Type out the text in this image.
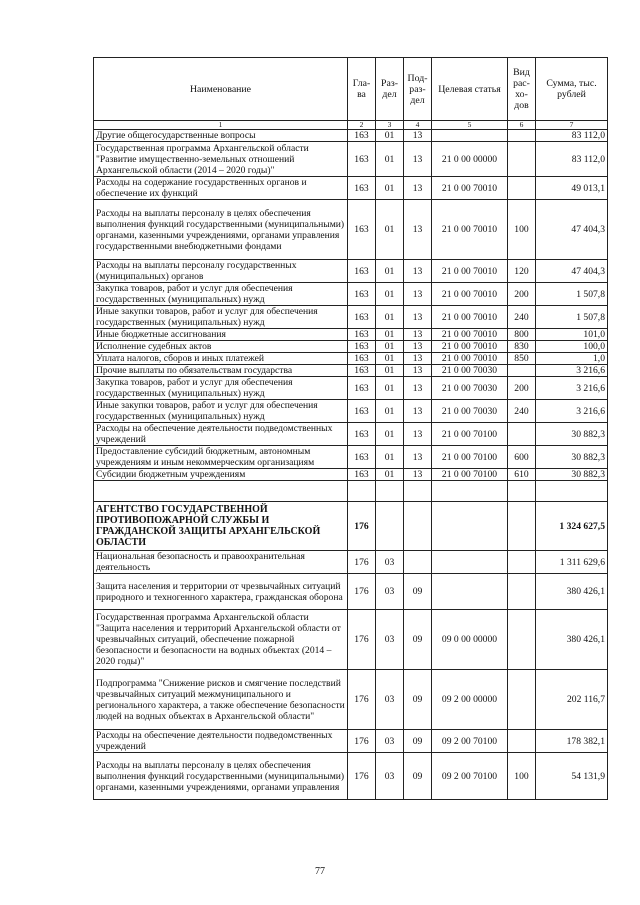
Наименование	Гла-ва	Раз-дел	Под-раз-дел	Целевая статья	Вид рас-хо-дов	Сумма, тыс. рублей
1	2	3	4	5	6	7
Другие общегосударственные вопросы	163	01	13			83 112,0
Государственная программа Архангельской области "Развитие имущественно-земельных отношений Архангельской области (2014 – 2020 годы)"	163	01	13	21 0 00 00000		83 112,0
Расходы на содержание государственных органов и обеспечение их функций	163	01	13	21 0 00 70010		49 013,1
Расходы на выплаты персоналу в целях обеспечения выполнения функций государственными (муниципальными) органами, казенными учреждениями, органами управления государственными внебюджетными фондами	163	01	13	21 0 00 70010	100	47 404,3
Расходы на выплаты персоналу государственных (муниципальных) органов	163	01	13	21 0 00 70010	120	47 404,3
Закупка товаров, работ и услуг для обеспечения государственных (муниципальных) нужд	163	01	13	21 0 00 70010	200	1 507,8
Иные закупки товаров, работ и услуг для обеспечения государственных (муниципальных) нужд	163	01	13	21 0 00 70010	240	1 507,8
Иные бюджетные ассигнования	163	01	13	21 0 00 70010	800	101,0
Исполнение судебных актов	163	01	13	21 0 00 70010	830	100,0
Уплата налогов, сборов и иных платежей	163	01	13	21 0 00 70010	850	1,0
Прочие выплаты по обязательствам государства	163	01	13	21 0 00 70030		3 216,6
Закупка товаров, работ и услуг для обеспечения государственных (муниципальных) нужд	163	01	13	21 0 00 70030	200	3 216,6
Иные закупки товаров, работ и услуг для обеспечения государственных (муниципальных) нужд	163	01	13	21 0 00 70030	240	3 216,6
Расходы на обеспечение деятельности подведомственных учреждений	163	01	13	21 0 00 70100		30 882,3
Предоставление субсидий бюджетным, автономным учреждениям и иным некоммерческим организациям	163	01	13	21 0 00 70100	600	30 882,3
Субсидии бюджетным учреждениям	163	01	13	21 0 00 70100	610	30 882,3

АГЕНТСТВО ГОСУДАРСТВЕННОЙ ПРОТИВОПОЖАРНОЙ СЛУЖБЫ И ГРАЖДАНСКОЙ ЗАЩИТЫ АРХАНГЕЛЬСКОЙ ОБЛАСТИ	176					1 324 627,5
Национальная безопасность и правоохранительная деятельность	176	03				1 311 629,6
Защита населения и территории от чрезвычайных ситуаций природного и техногенного характера, гражданская оборона	176	03	09			380 426,1
Государственная программа Архангельской области "Защита населения и территорий Архангельской области от чрезвычайных ситуаций, обеспечение пожарной безопасности и безопасности на водных объектах (2014 – 2020 годы)"	176	03	09	09 0 00 00000		380 426,1
Подпрограмма "Снижение рисков и смягчение последствий чрезвычайных ситуаций межмуниципального и регионального характера, а также обеспечение безопасности людей на водных объектах в Архангельской области"	176	03	09	09 2 00 00000		202 116,7
Расходы на обеспечение деятельности подведомственных учреждений	176	03	09	09 2 00 70100		178 382,1
Расходы на выплаты персоналу в целях обеспечения выполнения функций государственными (муниципальными) органами, казенными учреждениями, органами управления	176	03	09	09 2 00 70100	100	54 131,9
77
